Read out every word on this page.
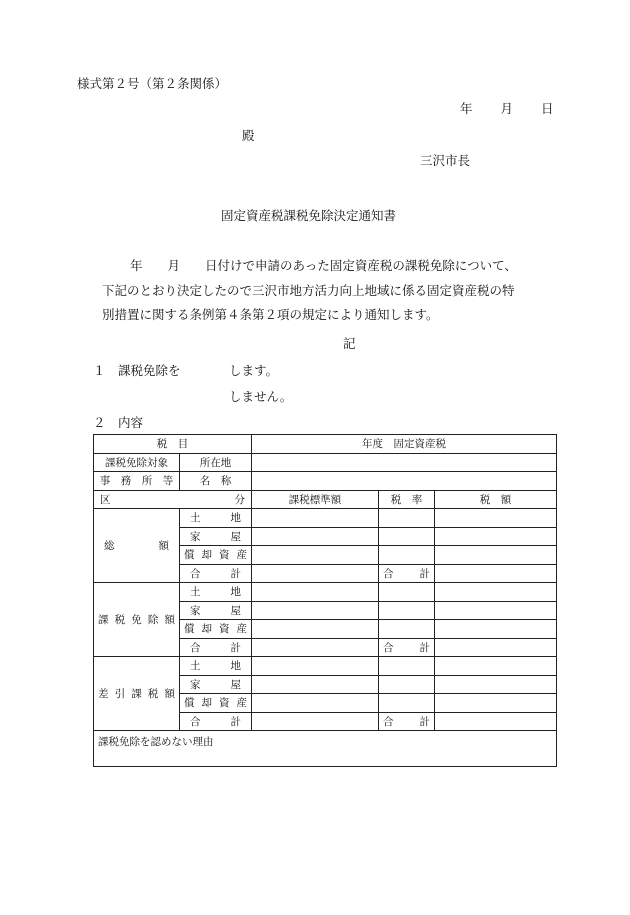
様式第２号（第２条関係）
年　　月　　日
殿
三沢市長
固定資産税課税免除決定通知書
年　　月　　日付けで申請のあった固定資産税の課税免除について、
下記のとおり決定したので三沢市地方活力向上地域に係る固定資産税の特
別措置に関する条例第４条第２項の規定により通知します。
記
１ 課税免除を	します。
しません。
２ 内容
税　目		年度　固定資産税		
課税免除対象	所在地			
事　務　所　等	名　称			
区　分		課税標準額	税　率	税　額
総　額	土地			
	家屋			
	償却資産			
	合計		合計	
課税免除額	土地			
	家屋			
	償却資産			
	合計		合計	
差引課税額	土地			
	家屋			
	償却資産			
	合計		合計	
課税免除を認めない理由				
